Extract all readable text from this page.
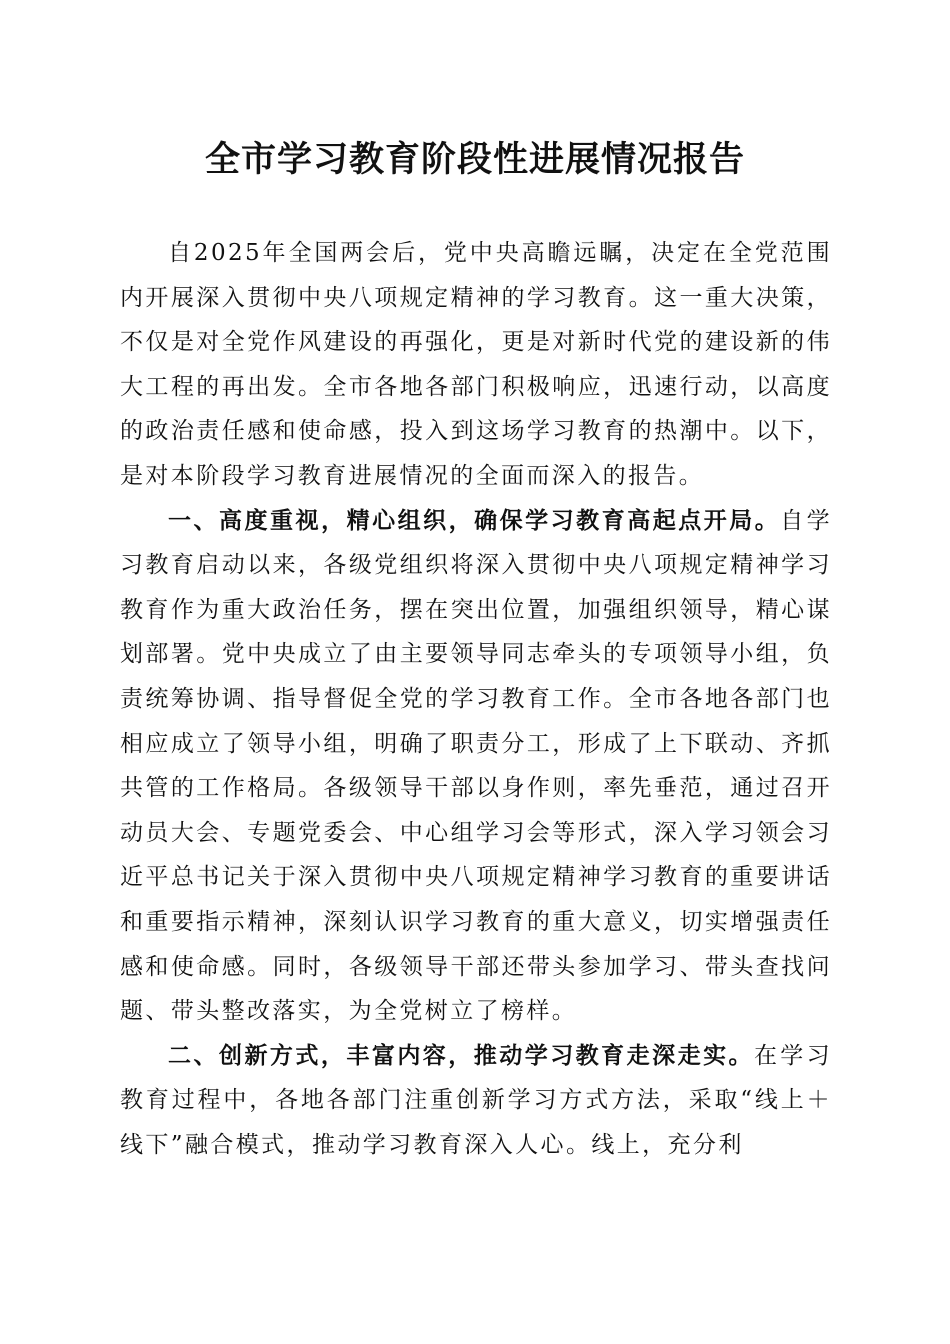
全市学习教育阶段性进展情况报告

自2025年全国两会后，党中央高瞻远瞩，决定在全党范围内开展深入贯彻中央八项规定精神的学习教育。这一重大决策，不仅是对全党作风建设的再强化，更是对新时代党的建设新的伟大工程的再出发。全市各地各部门积极响应，迅速行动，以高度的政治责任感和使命感，投入到这场学习教育的热潮中。以下，是对本阶段学习教育进展情况的全面而深入的报告。

一、高度重视，精心组织，确保学习教育高起点开局。自学习教育启动以来，各级党组织将深入贯彻中央八项规定精神学习教育作为重大政治任务，摆在突出位置，加强组织领导，精心谋划部署。党中央成立了由主要领导同志牵头的专项领导小组，负责统筹协调、指导督促全党的学习教育工作。全市各地各部门也相应成立了领导小组，明确了职责分工，形成了上下联动、齐抓共管的工作格局。各级领导干部以身作则，率先垂范，通过召开动员大会、专题党委会、中心组学习会等形式，深入学习领会习近平总书记关于深入贯彻中央八项规定精神学习教育的重要讲话和重要指示精神，深刻认识学习教育的重大意义，切实增强责任感和使命感。同时，各级领导干部还带头参加学习、带头查找问题、带头整改落实，为全党树立了榜样。

二、创新方式，丰富内容，推动学习教育走深走实。在学习教育过程中，各地各部门注重创新学习方式方法，采取“线上＋线下”融合模式，推动学习教育深入人心。线上，充分利
